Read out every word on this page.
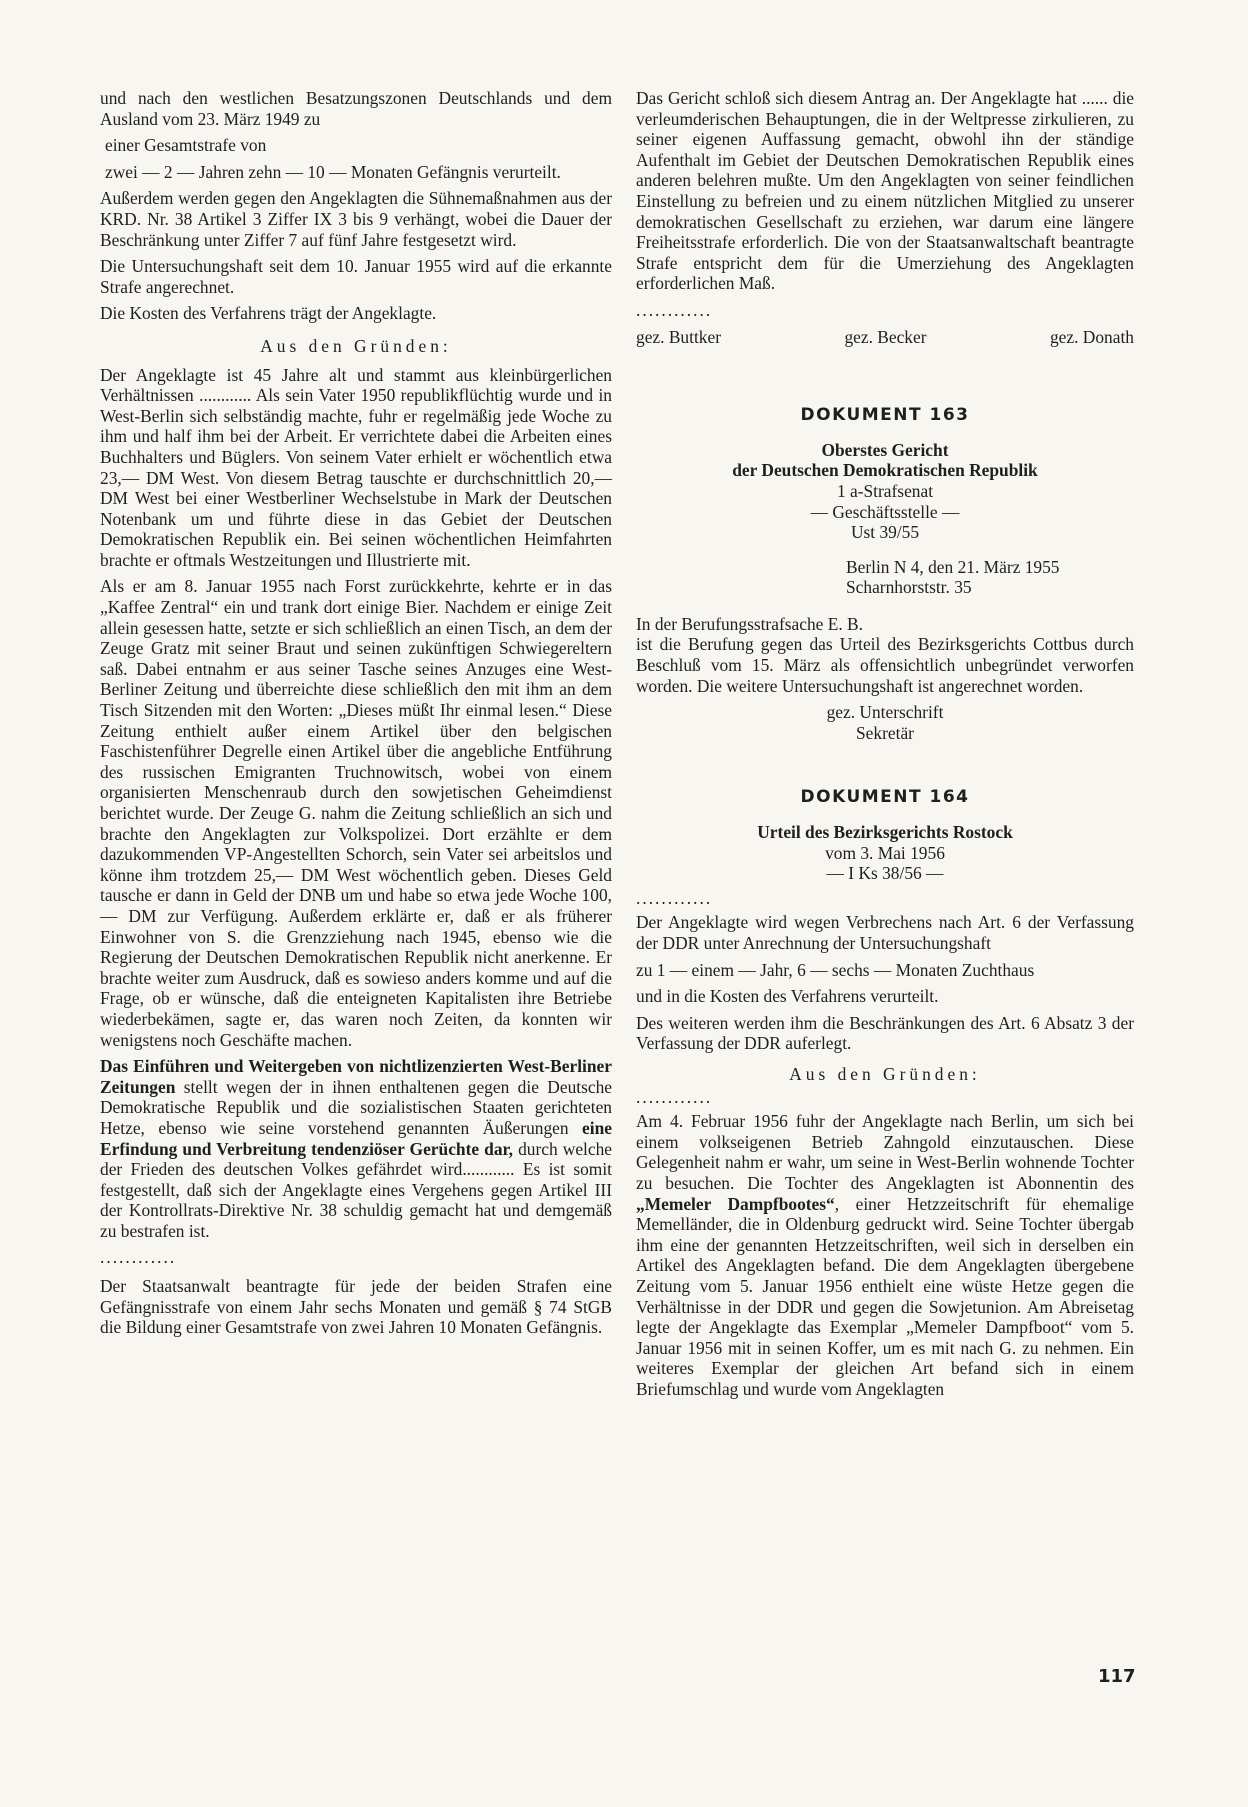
und nach den westlichen Besatzungszonen Deutschlands und dem Ausland vom 23. März 1949 zu

einer Gesamtstrafe von

zwei — 2 — Jahren zehn — 10 — Monaten Gefängnis verurteilt.

Außerdem werden gegen den Angeklagten die Sühnemaßnahmen aus der KRD. Nr. 38 Artikel 3 Ziffer IX 3 bis 9 verhängt, wobei die Dauer der Beschränkung unter Ziffer 7 auf fünf Jahre festgesetzt wird.

Die Untersuchungshaft seit dem 10. Januar 1955 wird auf die erkannte Strafe angerechnet.

Die Kosten des Verfahrens trägt der Angeklagte.

Aus den Gründen:

Der Angeklagte ist 45 Jahre alt und stammt aus kleinbürgerlichen Verhältnissen ............ Als sein Vater 1950 republikflüchtig wurde und in West-Berlin sich selbständig machte, fuhr er regelmäßig jede Woche zu ihm und half ihm bei der Arbeit. Er verrichtete dabei die Arbeiten eines Buchhalters und Büglers. Von seinem Vater erhielt er wöchentlich etwa 23,— DM West. Von diesem Betrag tauschte er durchschnittlich 20,— DM West bei einer Westberliner Wechselstube in Mark der Deutschen Notenbank um und führte diese in das Gebiet der Deutschen Demokratischen Republik ein. Bei seinen wöchentlichen Heimfahrten brachte er oftmals Westzeitungen und Illustrierte mit.

Als er am 8. Januar 1955 nach Forst zurückkehrte, kehrte er in das „Kaffee Zentral“ ein und trank dort einige Bier. Nachdem er einige Zeit allein gesessen hatte, setzte er sich schließlich an einen Tisch, an dem der Zeuge Gratz mit seiner Braut und seinen zukünftigen Schwiegereltern saß. Dabei entnahm er aus seiner Tasche seines Anzuges eine West-Berliner Zeitung und überreichte diese schließlich den mit ihm an dem Tisch Sitzenden mit den Worten: „Dieses müßt Ihr einmal lesen.“ Diese Zeitung enthielt außer einem Artikel über den belgischen Faschistenführer Degrelle einen Artikel über die angebliche Entführung des russischen Emigranten Truchnowitsch, wobei von einem organisierten Menschenraub durch den sowjetischen Geheimdienst berichtet wurde. Der Zeuge G. nahm die Zeitung schließlich an sich und brachte den Angeklagten zur Volkspolizei. Dort erzählte er dem dazukommenden VP-Angestellten Schorch, sein Vater sei arbeitslos und könne ihm trotzdem 25,— DM West wöchentlich geben. Dieses Geld tausche er dann in Geld der DNB um und habe so etwa jede Woche 100,— DM zur Verfügung. Außerdem erklärte er, daß er als früherer Einwohner von S. die Grenzziehung nach 1945, ebenso wie die Regierung der Deutschen Demokratischen Republik nicht anerkenne. Er brachte weiter zum Ausdruck, daß es sowieso anders komme und auf die Frage, ob er wünsche, daß die enteigneten Kapitalisten ihre Betriebe wiederbekämen, sagte er, das waren noch Zeiten, da konnten wir wenigstens noch Geschäfte machen.

Das Einführen und Weitergeben von nichtlizenzierten West-Berliner Zeitungen stellt wegen der in ihnen enthaltenen gegen die Deutsche Demokratische Republik und die sozialistischen Staaten gerichteten Hetze, ebenso wie seine vorstehend genannten Äußerungen eine Erfindung und Verbreitung tendenziöser Gerüchte dar, durch welche der Frieden des deutschen Volkes gefährdet wird............ Es ist somit festgestellt, daß sich der Angeklagte eines Vergehens gegen Artikel III der Kontrollrats-Direktive Nr. 38 schuldig gemacht hat und demgemäß zu bestrafen ist.

............

Der Staatsanwalt beantragte für jede der beiden Strafen eine Gefängnisstrafe von einem Jahr sechs Monaten und gemäß § 74 StGB die Bildung einer Gesamtstrafe von zwei Jahren 10 Monaten Gefängnis.

Das Gericht schloß sich diesem Antrag an. Der Angeklagte hat ...... die verleumderischen Behauptungen, die in der Weltpresse zirkulieren, zu seiner eigenen Auffassung gemacht, obwohl ihn der ständige Aufenthalt im Gebiet der Deutschen Demokratischen Republik eines anderen belehren mußte. Um den Angeklagten von seiner feindlichen Einstellung zu befreien und zu einem nützlichen Mitglied zu unserer demokratischen Gesellschaft zu erziehen, war darum eine längere Freiheitsstrafe erforderlich. Die von der Staatsanwaltschaft beantragte Strafe entspricht dem für die Umerziehung des Angeklagten erforderlichen Maß.

............

gez. Buttker	gez. Becker	gez. Donath
DOKUMENT 163
Oberstes Gericht
der Deutschen Demokratischen Republik
1 a-Strafsenat
— Geschäftsstelle —
Ust 39/55
Berlin N 4, den 21. März 1955
Scharnhorststr. 35

In der Berufungsstrafsache E. B.

ist die Berufung gegen das Urteil des Bezirksgerichts Cottbus durch Beschluß vom 15. März als offensichtlich unbegründet verworfen worden. Die weitere Untersuchungshaft ist angerechnet worden.

gez. Unterschrift
Sekretär
DOKUMENT 164
Urteil des Bezirksgerichts Rostock
vom 3. Mai 1956
— I Ks 38/56 —

............

Der Angeklagte wird wegen Verbrechens nach Art. 6 der Verfassung der DDR unter Anrechnung der Untersuchungshaft

zu 1 — einem — Jahr, 6 — sechs — Monaten Zuchthaus

und in die Kosten des Verfahrens verurteilt.

Des weiteren werden ihm die Beschränkungen des Art. 6 Absatz 3 der Verfassung der DDR auferlegt.

Aus den Gründen:

............

Am 4. Februar 1956 fuhr der Angeklagte nach Berlin, um sich bei einem volkseigenen Betrieb Zahngold einzutauschen. Diese Gelegenheit nahm er wahr, um seine in West-Berlin wohnende Tochter zu besuchen. Die Tochter des Angeklagten ist Abonnentin des „Memeler Dampfbootes“, einer Hetzzeitschrift für ehemalige Memelländer, die in Oldenburg gedruckt wird. Seine Tochter übergab ihm eine der genannten Hetzzeitschriften, weil sich in derselben ein Artikel des Angeklagten befand. Die dem Angeklagten übergebene Zeitung vom 5. Januar 1956 enthielt eine wüste Hetze gegen die Verhältnisse in der DDR und gegen die Sowjetunion. Am Abreisetag legte der Angeklagte das Exemplar „Memeler Dampfboot“ vom 5. Januar 1956 mit in seinen Koffer, um es mit nach G. zu nehmen. Ein weiteres Exemplar der gleichen Art befand sich in einem Briefumschlag und wurde vom Angeklagten

117
